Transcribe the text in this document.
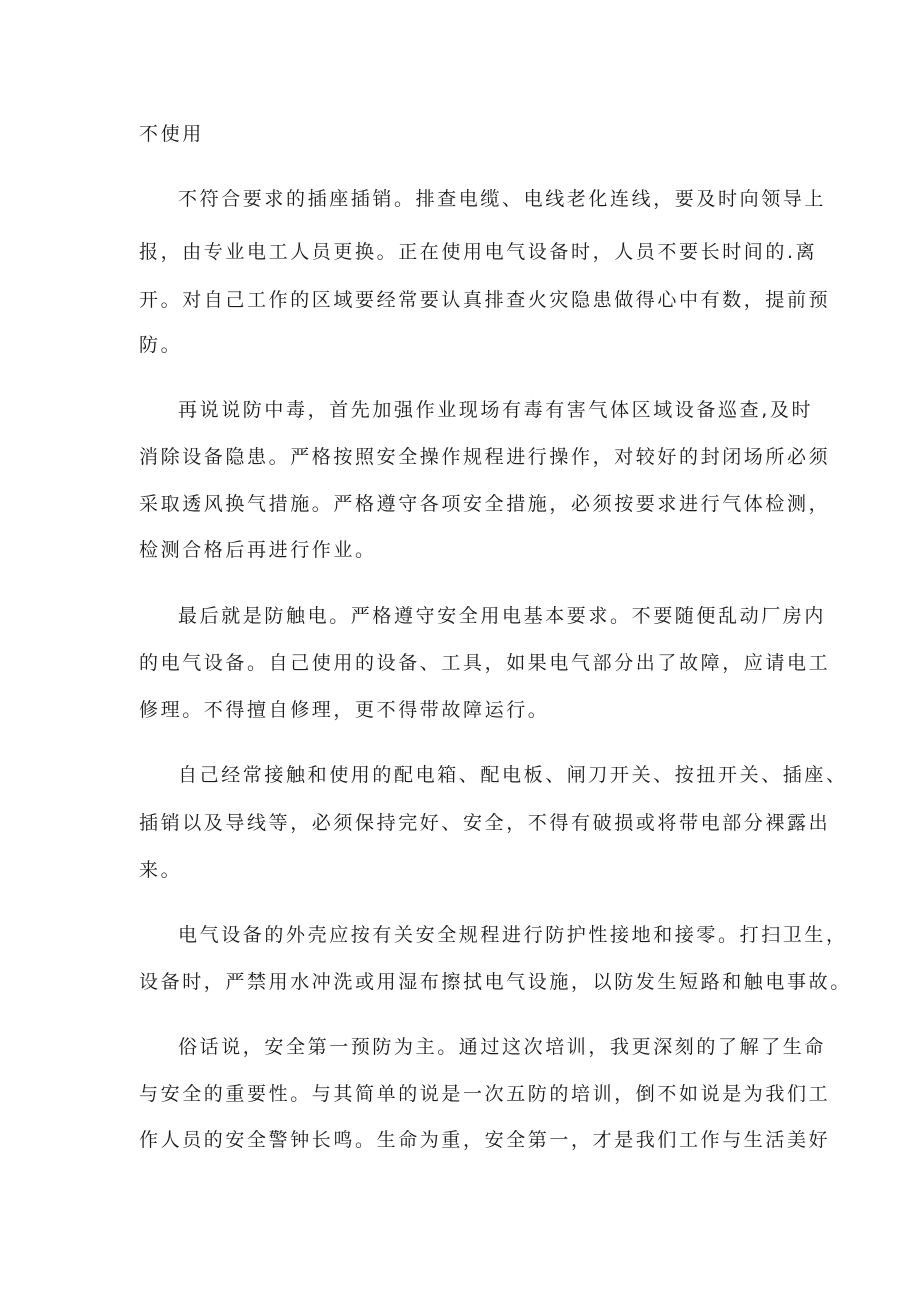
不使用
不符合要求的插座插销。排查电缆、电线老化连线，要及时向领导上
报，由专业电工人员更换。正在使用电气设备时，人员不要长时间的.离
开。对自己工作的区域要经常要认真排查火灾隐患做得心中有数，提前预
防。
再说说防中毒，首先加强作业现场有毒有害气体区域设备巡查,及时
消除设备隐患。严格按照安全操作规程进行操作，对较好的封闭场所必须
采取透风换气措施。严格遵守各项安全措施，必须按要求进行气体检测，
检测合格后再进行作业。
最后就是防触电。严格遵守安全用电基本要求。不要随便乱动厂房内
的电气设备。自己使用的设备、工具，如果电气部分出了故障，应请电工
修理。不得擅自修理，更不得带故障运行。
自己经常接触和使用的配电箱、配电板、闸刀开关、按扭开关、插座、
插销以及导线等，必须保持完好、安全，不得有破损或将带电部分裸露出
来。
电气设备的外壳应按有关安全规程进行防护性接地和接零。打扫卫生，
设备时，严禁用水冲洗或用湿布擦拭电气设施，以防发生短路和触电事故。
俗话说，安全第一预防为主。通过这次培训，我更深刻的了解了生命
与安全的重要性。与其简单的说是一次五防的培训，倒不如说是为我们工
作人员的安全警钟长鸣。生命为重，安全第一，才是我们工作与生活美好
